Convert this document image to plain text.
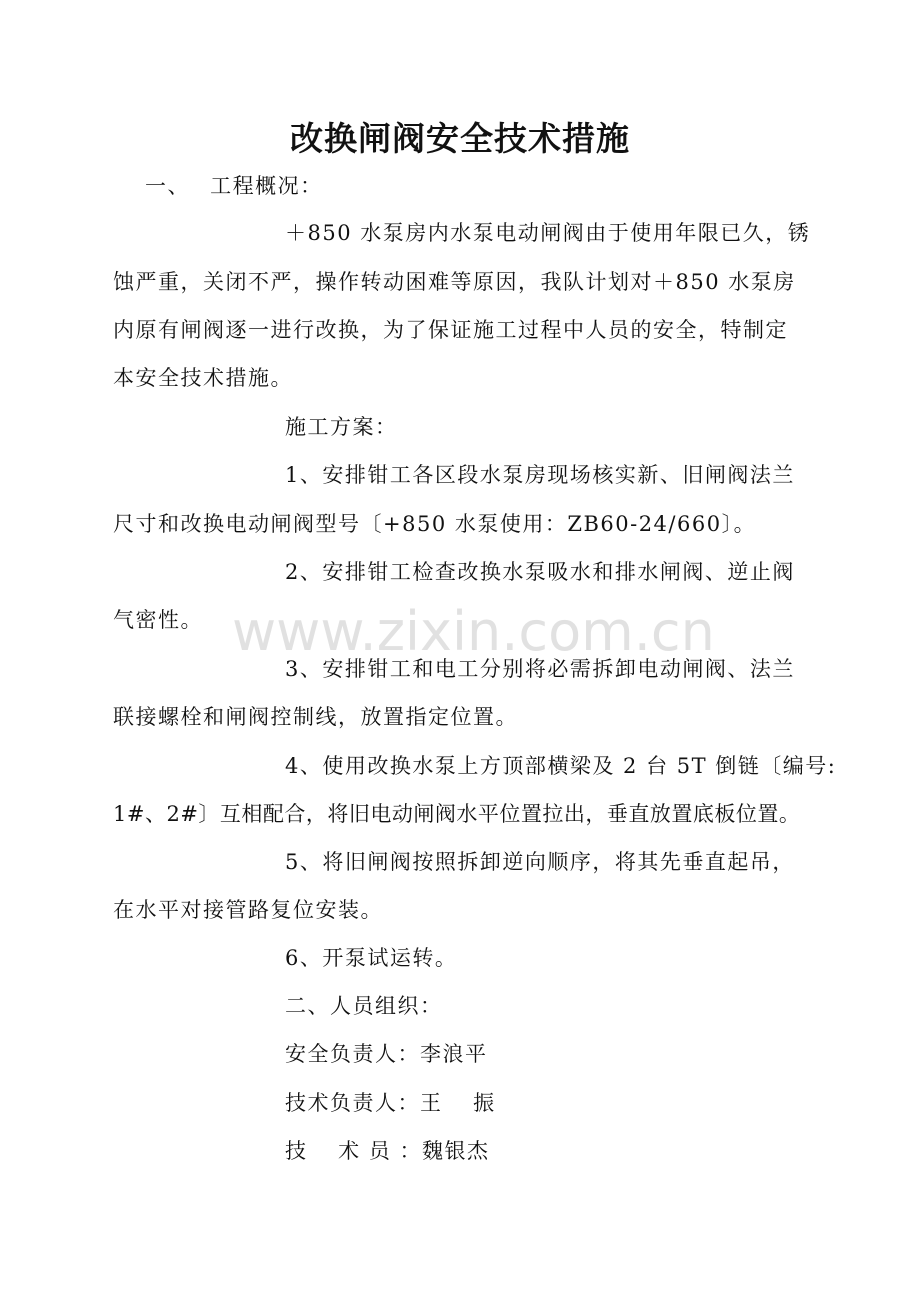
改换闸阀安全技术措施
一、　 工程概况：
＋850 水泵房内水泵电动闸阀由于使用年限已久，锈
蚀严重，关闭不严，操作转动困难等原因，我队计划对＋850 水泵房
内原有闸阀逐一进行改换，为了保证施工过程中人员的安全，特制定
本安全技术措施。
施工方案：
1、安排钳工各区段水泵房现场核实新、旧闸阀法兰
尺寸和改换电动闸阀型号〔+850 水泵使用：ZB60-24/660〕。
2、安排钳工检查改换水泵吸水和排水闸阀、逆止阀
气密性。
3、安排钳工和电工分别将必需拆卸电动闸阀、法兰
联接螺栓和闸阀控制线，放置指定位置。
4、使用改换水泵上方顶部横梁及 2 台 5T 倒链〔编号:
1#、2#〕互相配合，将旧电动闸阀水平位置拉出，垂直放置底板位置。
5、将旧闸阀按照拆卸逆向顺序，将其先垂直起吊，
在水平对接管路复位安装。
6、开泵试运转。
二、人员组织：
安全负责人：李浪平
技术负责人：王　 振
技　 术 员 ：魏银杰
www.zixin.com.cn
